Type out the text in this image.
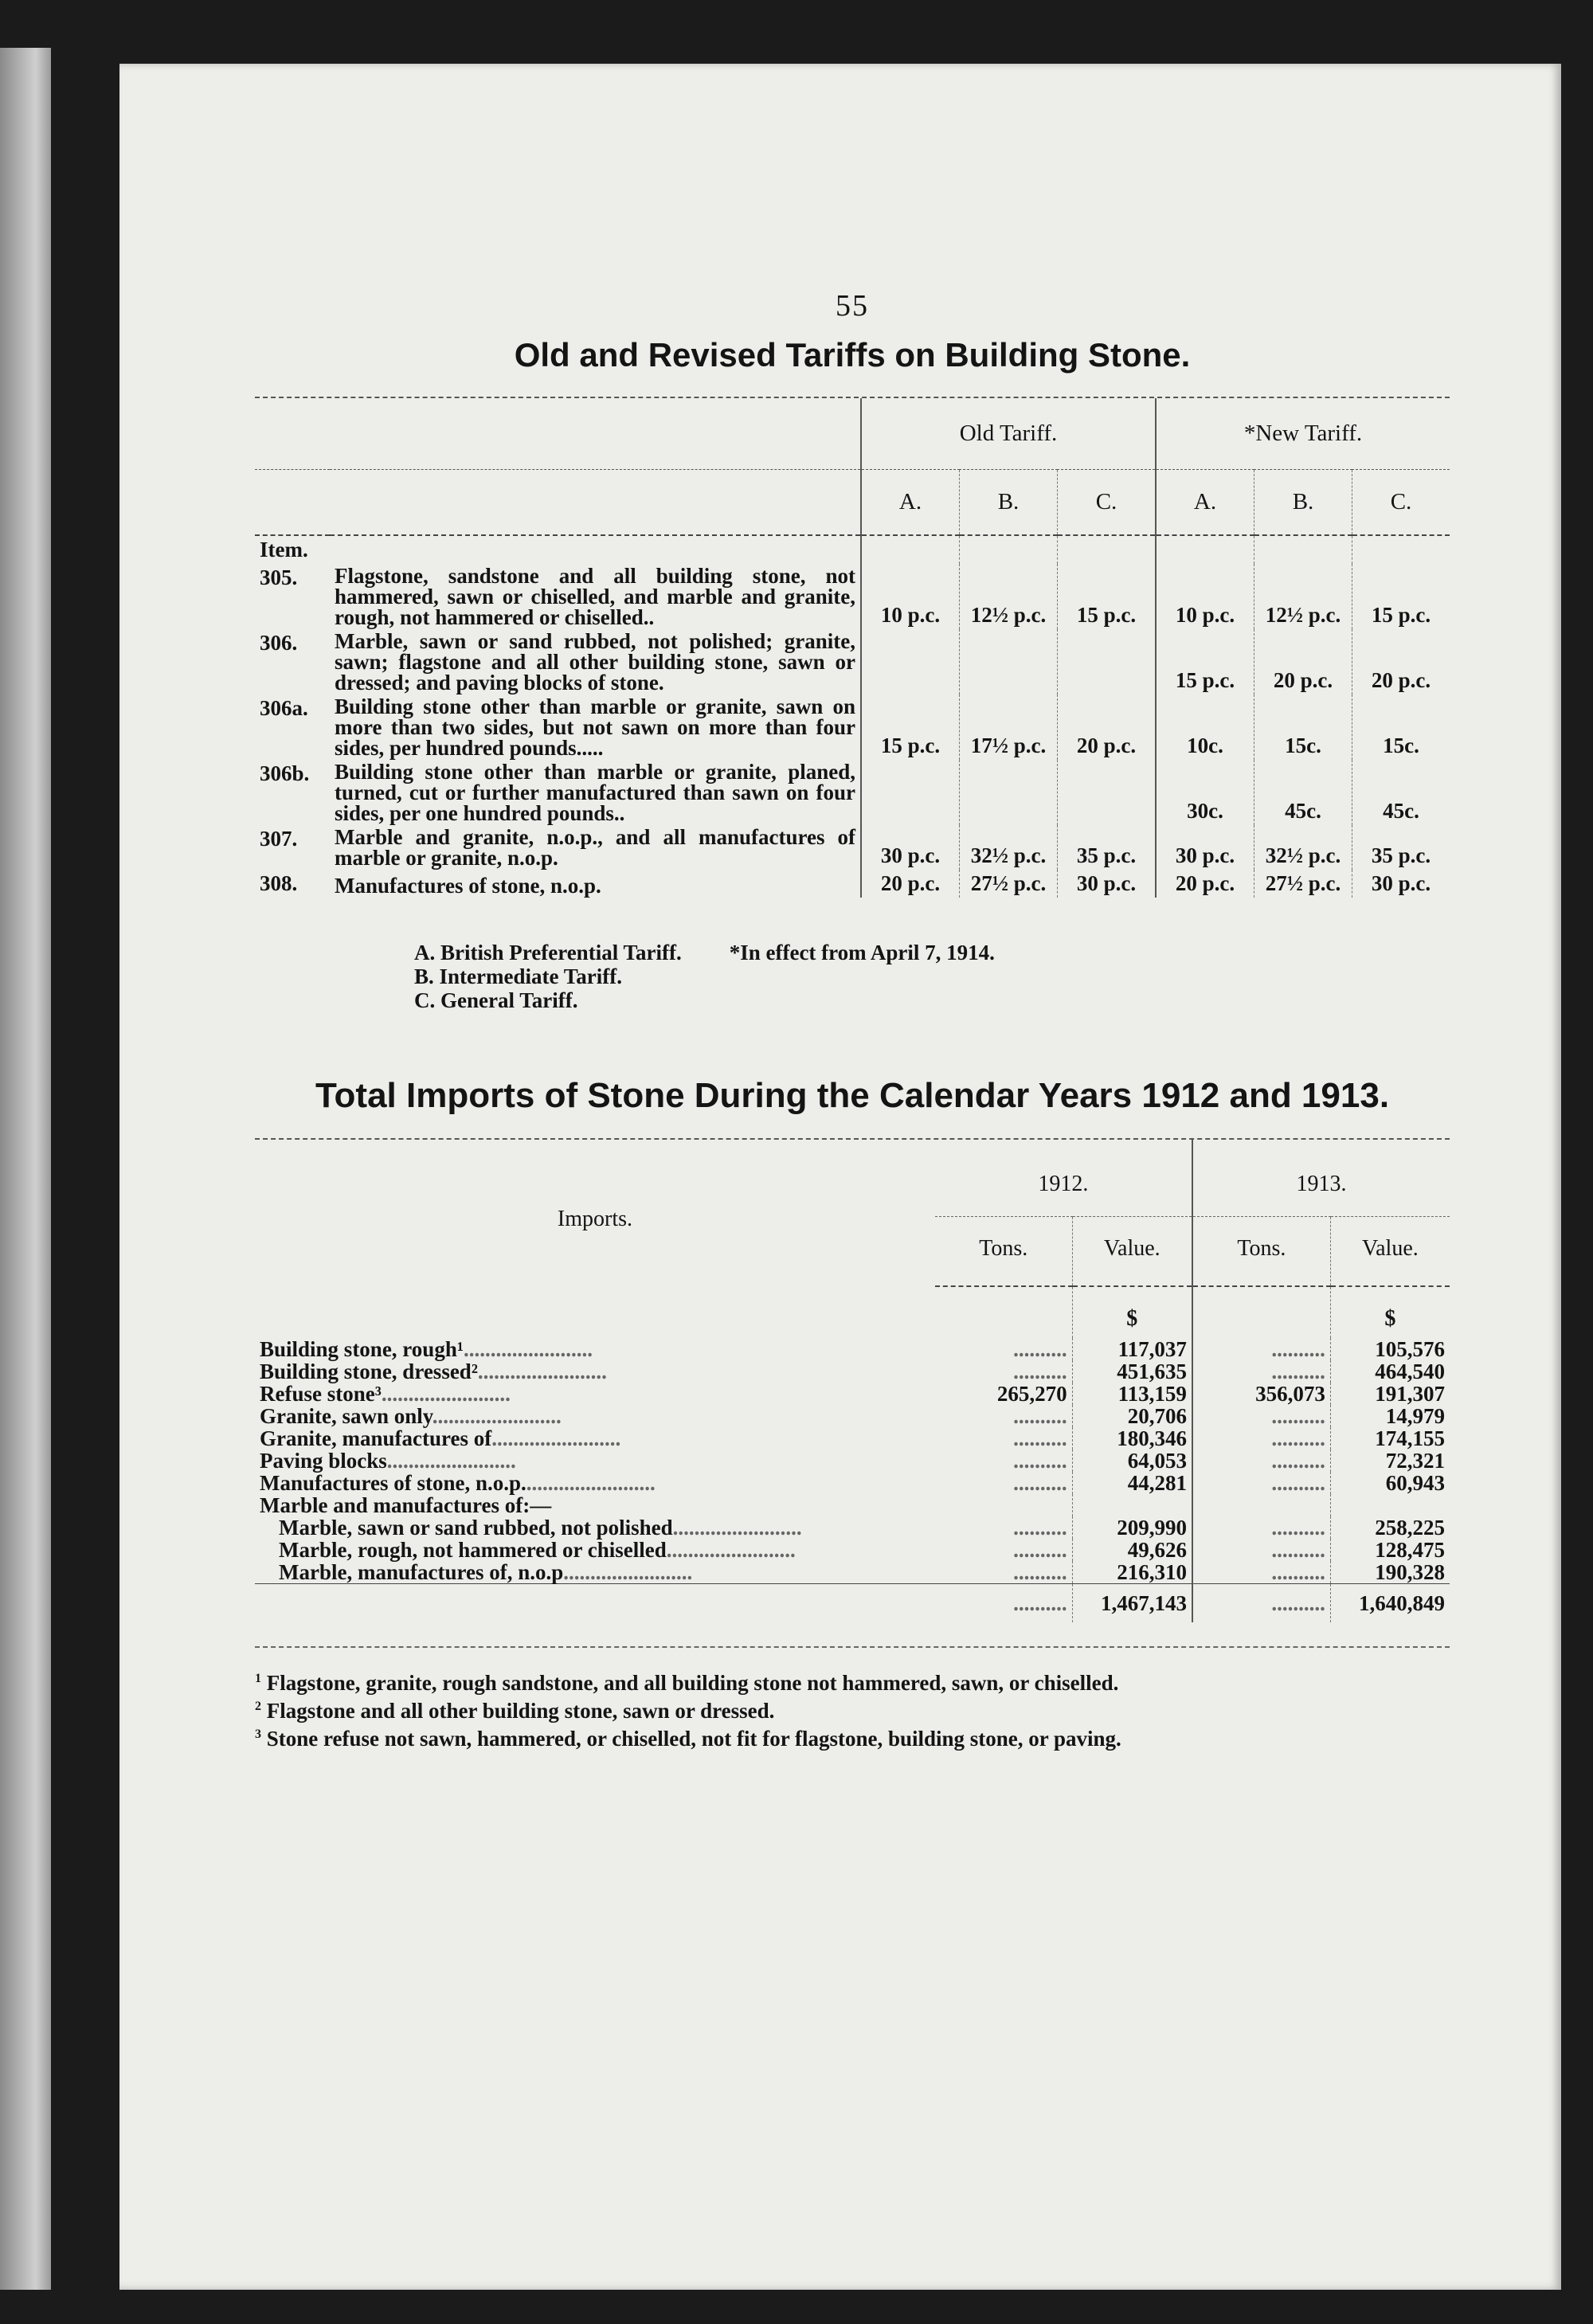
55
Old and Revised Tariffs on Building Stone.
		Old Tariff.			*New Tariff.		
		A.	B.	C.	A.	B.	C.
Item.							
305.	Flagstone, sandstone and all building stone, not hammered, sawn or chiselled, and marble and granite, rough, not hammered or chiselled..	10 p.c.	12½ p.c.	15 p.c.	10 p.c.	12½ p.c.	15 p.c.
306.	Marble, sawn or sand rubbed, not polished; granite, sawn; flagstone and all other building stone, sawn or dressed; and paving blocks of stone.				15 p.c.	20 p.c.	20 p.c.
306a.	Building stone other than marble or granite, sawn on more than two sides, but not sawn on more than four sides, per hundred pounds.....	15 p.c.	17½ p.c.	20 p.c.	10c.	15c.	15c.
306b.	Building stone other than marble or granite, planed, turned, cut or further manufactured than sawn on four sides, per one hundred pounds..				30c.	45c.	45c.
307.	Marble and granite, n.o.p., and all manufactures of marble or granite, n.o.p.	30 p.c.	32½ p.c.	35 p.c.	30 p.c.	32½ p.c.	35 p.c.
308.	Manufactures of stone, n.o.p.	20 p.c.	27½ p.c.	30 p.c.	20 p.c.	27½ p.c.	30 p.c.
A. British Preferential Tariff.
B. Intermediate Tariff.
C. General Tariff.
*In effect from April 7, 1914.
Total Imports of Stone During the Calendar Years 1912 and 1913.
Imports.	1912.		1913.	
	Tons.	Value.	Tons.	Value.
		$		$
Building stone, rough¹........................	..........	117,037	..........	105,576
Building stone, dressed²........................	..........	451,635	..........	464,540
Refuse stone³........................	265,270	113,159	356,073	191,307
Granite, sawn only........................	..........	20,706	..........	14,979
Granite, manufactures of........................	..........	180,346	..........	174,155
Paving blocks........................	..........	64,053	..........	72,321
Manufactures of stone, n.o.p.........................	..........	44,281	..........	60,943
Marble and manufactures of:—				
Marble, sawn or sand rubbed, not polished........................	..........	209,990	..........	258,225
Marble, rough, not hammered or chiselled........................	..........	49,626	..........	128,475
Marble, manufactures of, n.o.p........................	..........	216,310	..........	190,328
	..........	1,467,143	..........	1,640,849
$^1$ Flagstone, granite, rough sandstone, and all building stone not hammered, sawn, or chiselled.
$^2$ Flagstone and all other building stone, sawn or dressed.
$^3$ Stone refuse not sawn, hammered, or chiselled, not fit for flagstone, building stone, or paving.
